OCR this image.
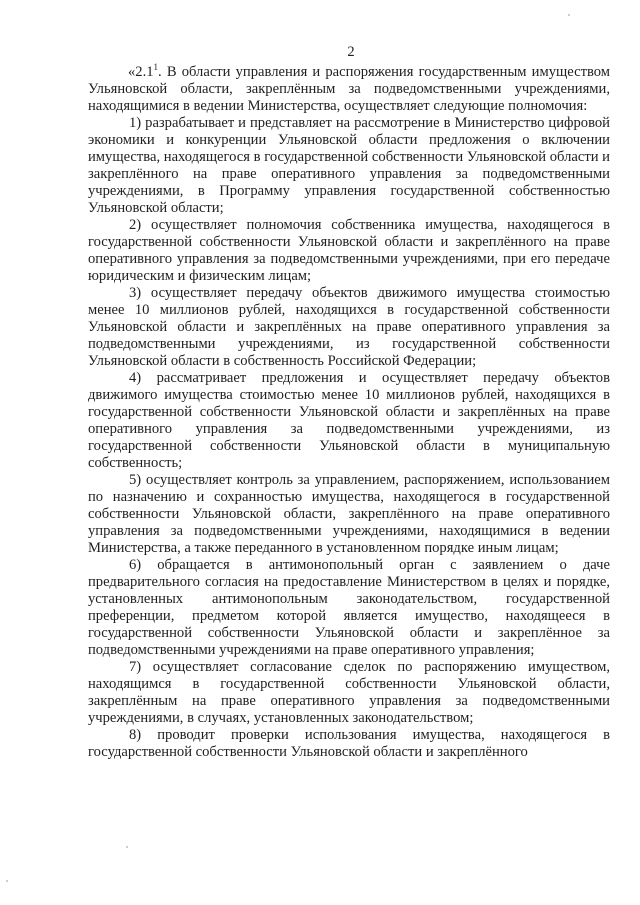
2

«$2.1^1$. В области управления и распоряжения государственным имуществом Ульяновской области, закреплённым за подведомственными учреждениями, находящимися в ведении Министерства, осуществляет следующие полномочия:

1) разрабатывает и представляет на рассмотрение в Министерство цифровой экономики и конкуренции Ульяновской области предложения о включении имущества, находящегося в государственной собственности Ульяновской области и закреплённого на праве оперативного управления за подведомственными учреждениями, в Программу управления государственной собственностью Ульяновской области;

2) осуществляет полномочия собственника имущества, находящегося в государственной собственности Ульяновской области и закреплённого на праве оперативного управления за подведомственными учреждениями, при его передаче юридическим и физическим лицам;

3) осуществляет передачу объектов движимого имущества стоимостью менее 10 миллионов рублей, находящихся в государственной собственности Ульяновской области и закреплённых на праве оперативного управления за подведомственными учреждениями, из государственной собственности Ульяновской области в собственность Российской Федерации;

4) рассматривает предложения и осуществляет передачу объектов движимого имущества стоимостью менее 10 миллионов рублей, находящихся в государственной собственности Ульяновской области и закреплённых на праве оперативного управления за подведомственными учреждениями, из государственной собственности Ульяновской области в муниципальную собственность;

5) осуществляет контроль за управлением, распоряжением, использованием по назначению и сохранностью имущества, находящегося в государственной собственности Ульяновской области, закреплённого на праве оперативного управления за подведомственными учреждениями, находящимися в ведении Министерства, а также переданного в установленном порядке иным лицам;

6) обращается в антимонопольный орган с заявлением о даче предварительного согласия на предоставление Министерством в целях и порядке, установленных антимонопольным законодательством, государственной преференции, предметом которой является имущество, находящееся в государственной собственности Ульяновской области и закреплённое за подведомственными учреждениями на праве оперативного управления;

7) осуществляет согласование сделок по распоряжению имуществом, находящимся в государственной собственности Ульяновской области, закреплённым на праве оперативного управления за подведомственными учреждениями, в случаях, установленных законодательством;

8) проводит проверки использования имущества, находящегося в государственной собственности Ульяновской области и закреплённого
